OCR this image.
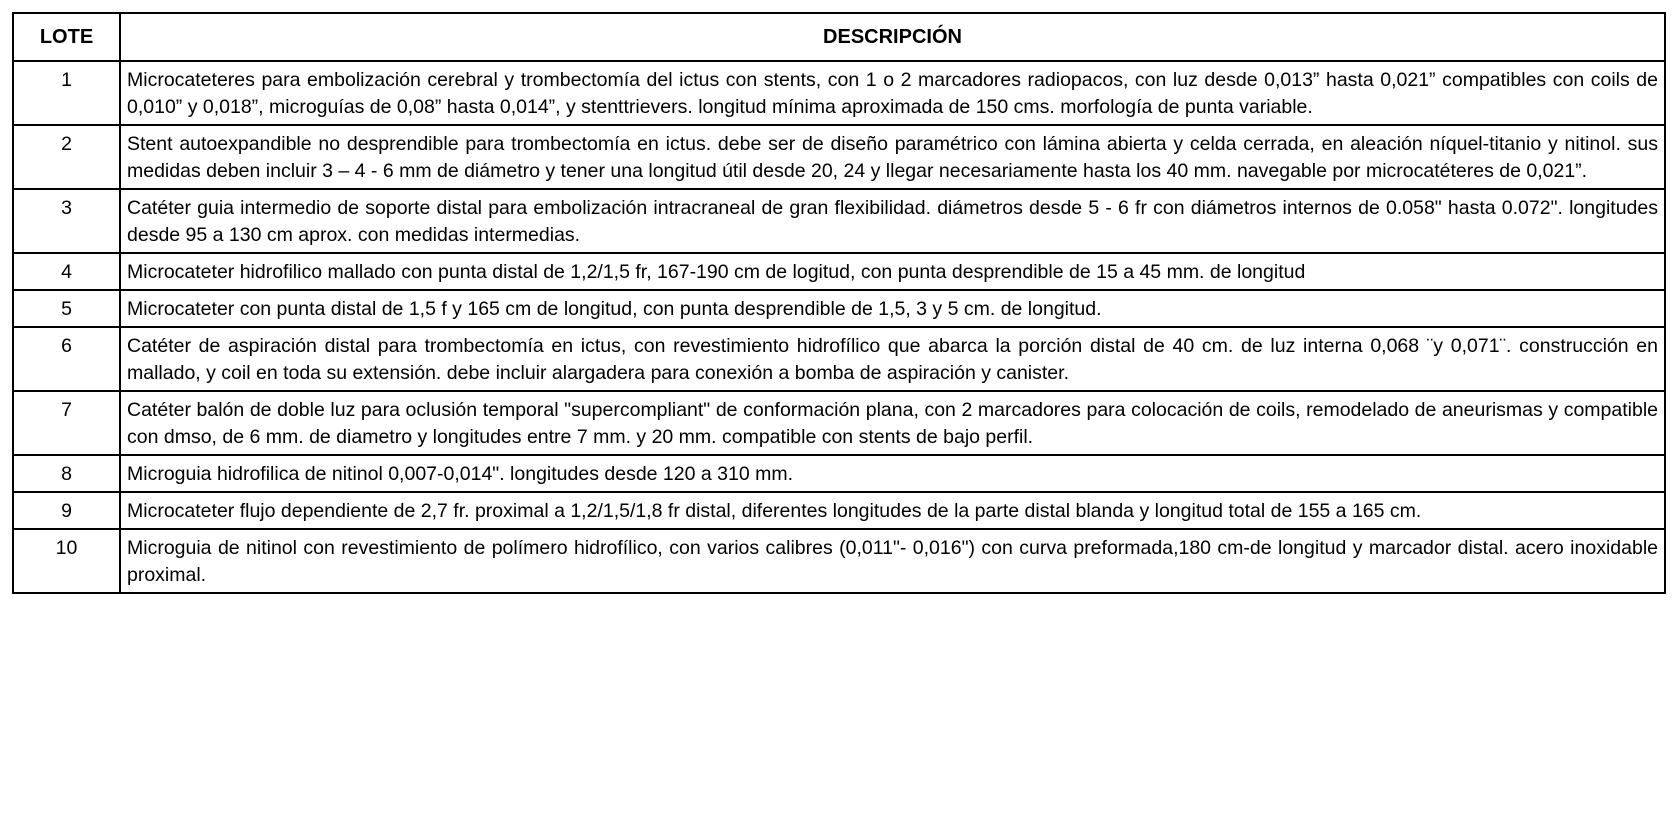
LOTE	DESCRIPCIÓN
1	Microcateteres para embolización cerebral y trombectomía del ictus con stents, con 1 o 2 marcadores radiopacos, con luz desde 0,013” hasta 0,021” compatibles con coils de 0,010” y 0,018”, microguías de 0,08” hasta 0,014”, y stenttrievers. longitud mínima aproximada de 150 cms. morfología de punta variable.
2	Stent autoexpandible no desprendible para trombectomía en ictus. debe ser de diseño paramétrico con lámina abierta y celda cerrada, en aleación níquel-titanio y nitinol. sus medidas deben incluir 3 – 4 - 6 mm de diámetro y tener una longitud útil desde 20, 24 y llegar necesariamente hasta los 40 mm. navegable por microcatéteres de 0,021”.
3	Catéter guia intermedio de soporte distal para embolización intracraneal de gran flexibilidad. diámetros desde 5 - 6 fr con diámetros internos de 0.058" hasta 0.072". longitudes desde 95 a 130 cm aprox. con medidas intermedias.
4	Microcateter hidrofilico mallado con punta distal de 1,2/1,5 fr, 167-190 cm de logitud, con punta desprendible de 15 a 45 mm. de longitud
5	Microcateter con punta distal de 1,5 f y 165 cm de longitud, con punta desprendible de 1,5, 3 y 5 cm. de longitud.
6	Catéter de aspiración distal para trombectomía en ictus, con revestimiento hidrofílico que abarca la porción distal de 40 cm. de luz interna 0,068 ¨y 0,071¨. construcción en mallado, y coil en toda su extensión. debe incluir alargadera para conexión a bomba de aspiración y canister.
7	Catéter balón de doble luz para oclusión temporal "supercompliant" de conformación plana, con 2 marcadores para colocación de coils, remodelado de aneurismas y compatible con dmso, de 6 mm. de diametro y longitudes entre 7 mm. y 20 mm. compatible con stents de bajo perfil.
8	Microguia hidrofilica de nitinol 0,007-0,014". longitudes desde 120 a 310 mm.
9	Microcateter flujo dependiente de 2,7 fr. proximal a 1,2/1,5/1,8 fr distal, diferentes longitudes de la parte distal blanda y longitud total de 155 a 165 cm.
10	Microguia de nitinol con revestimiento de polímero hidrofílico, con varios calibres (0,011"- 0,016") con curva preformada,180 cm-de longitud y marcador distal. acero inoxidable proximal.
